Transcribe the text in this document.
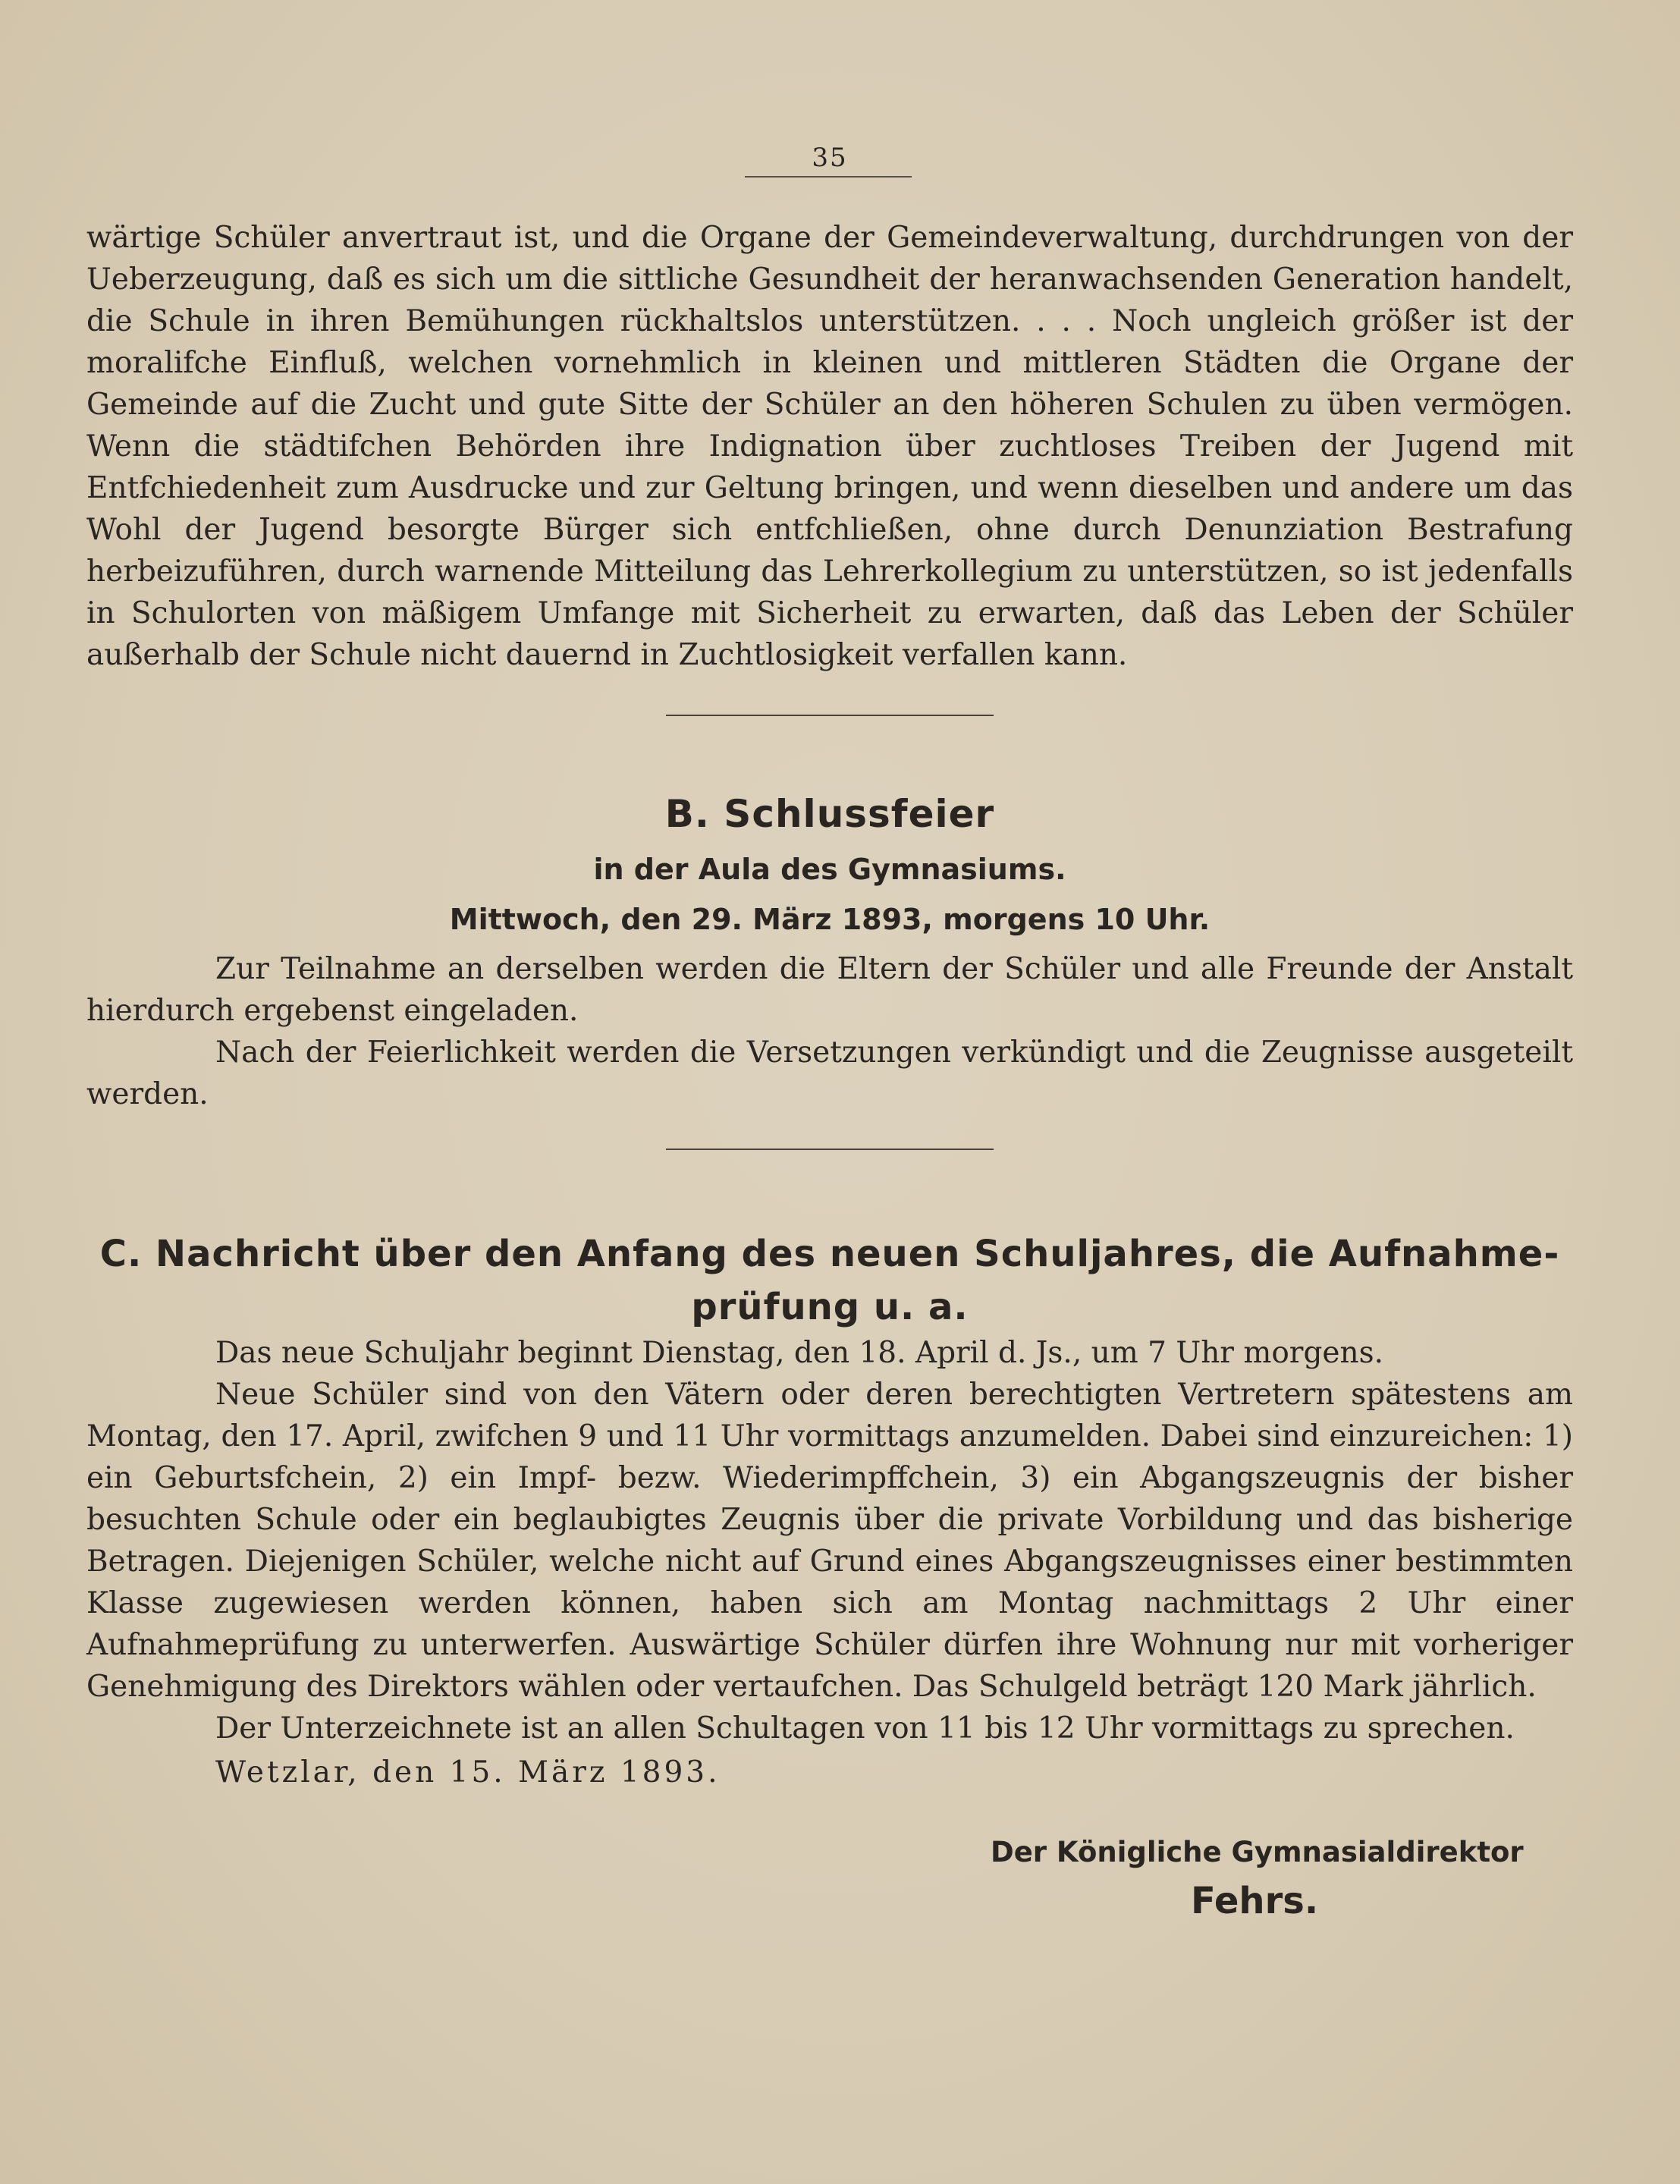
35

wärtige Schüler anvertraut ist, und die Organe der Gemeindeverwaltung, durchdrungen von der Ueberzeugung, daß es sich um die sittliche Gesundheit der heranwachsenden Generation handelt, die Schule in ihren Bemühungen rückhaltslos unterstützen. . . . Noch ungleich größer ist der moralifche Einfluß, welchen vornehmlich in kleinen und mittleren Städten die Organe der Gemeinde auf die Zucht und gute Sitte der Schüler an den höheren Schulen zu üben vermögen. Wenn die städtifchen Behörden ihre Indignation über zuchtloses Treiben der Jugend mit Entfchiedenheit zum Ausdrucke und zur Geltung bringen, und wenn dieselben und andere um das Wohl der Jugend besorgte Bürger sich entfchließen, ohne durch Denunziation Bestrafung herbeizuführen, durch warnende Mitteilung das Lehrerkollegium zu unterstützen, so ist jedenfalls in Schulorten von mäßigem Umfange mit Sicherheit zu erwarten, daß das Leben der Schüler außerhalb der Schule nicht dauernd in Zuchtlosigkeit verfallen kann.

B. Schlussfeier
in der Aula des Gymnasiums.
Mittwoch, den 29. März 1893, morgens 10 Uhr.

Zur Teilnahme an derselben werden die Eltern der Schüler und alle Freunde der Anstalt hierdurch ergebenst eingeladen.

Nach der Feierlichkeit werden die Versetzungen verkündigt und die Zeugnisse ausgeteilt werden.

C. Nachricht über den Anfang des neuen Schuljahres, die Aufnahme-
prüfung u. a.

Das neue Schuljahr beginnt Dienstag, den 18. April d. Js., um 7 Uhr morgens.

Neue Schüler sind von den Vätern oder deren berechtigten Vertretern spätestens am Montag, den 17. April, zwifchen 9 und 11 Uhr vormittags anzumelden. Dabei sind einzureichen: 1) ein Geburtsfchein, 2) ein Impf- bezw. Wiederimpffchein, 3) ein Abgangszeugnis der bisher besuchten Schule oder ein beglaubigtes Zeugnis über die private Vorbildung und das bisherige Betragen. Diejenigen Schüler, welche nicht auf Grund eines Abgangszeugnisses einer bestimmten Klasse zugewiesen werden können, haben sich am Montag nachmittags 2 Uhr einer Aufnahmeprüfung zu unterwerfen. Auswärtige Schüler dürfen ihre Wohnung nur mit vorheriger Genehmigung des Direktors wählen oder vertaufchen. Das Schulgeld beträgt 120 Mark jährlich.

Der Unterzeichnete ist an allen Schultagen von 11 bis 12 Uhr vormittags zu sprechen.

Wetzlar, den 15. März 1893.
Der Königliche Gymnasialdirektor
Fehrs.
